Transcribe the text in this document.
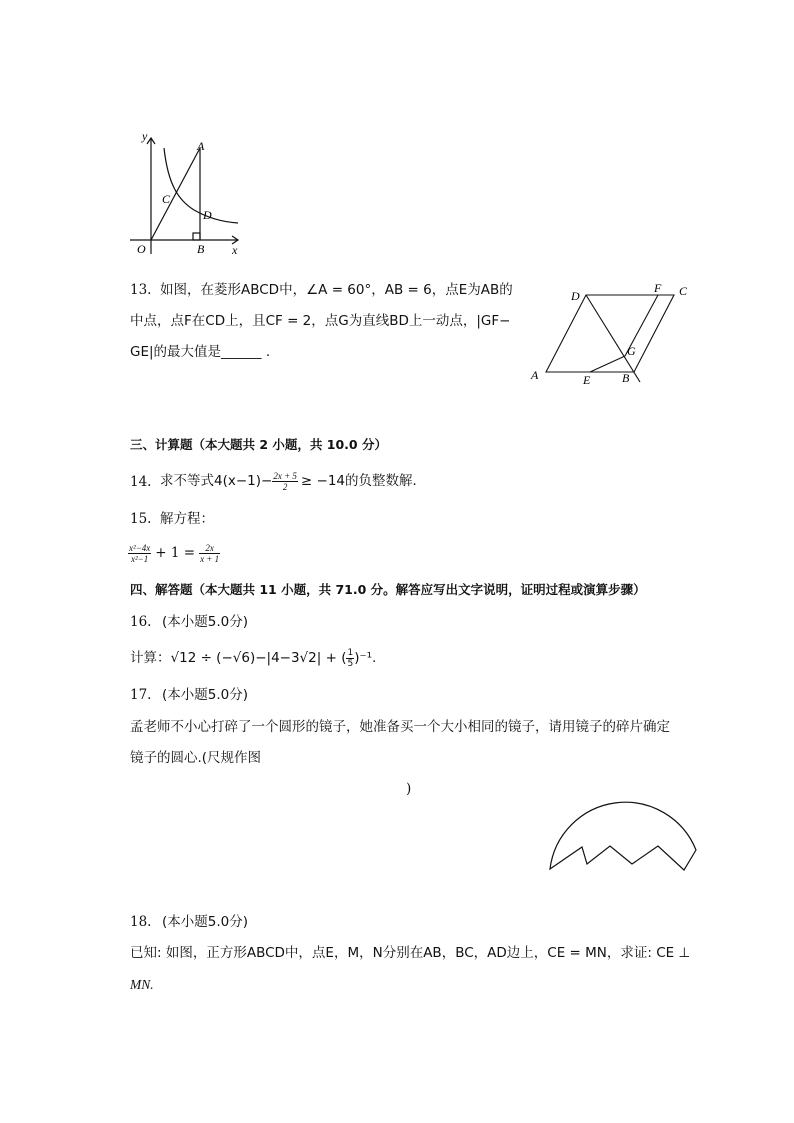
y
x
A
C
D
O	B
13. 如图，在菱形ABCD中，∠A = 60°，AB = 6，点E为AB的
中点，点F在CD上，且CF = 2，点G为直线BD上一动点，|GF−
GE|的最大值是______ .
D
F C
G
A	E	B
三、计算题（本大题共 2 小题，共 10.0 分）
14. 求不等式$4(x-1)- \frac{2x + 5}{2} \ge -14$的负整数解．
15. 解方程：
$\frac{\text{x²−4x}}{\text{x²−1}} + 1 = \frac{2x}{x + 1}$
四、解答题（本大题共 11 小题，共 71.0 分。解答应写出文字说明，证明过程或演算步骤）
16. (本小题5.0分)
计算： √12 ÷ (−√6)−|4−3√2| + ( $\frac{1}{5} )^{-1}$.
17. (本小题5.0分)
孟老师不小心打碎了一个圆形的镜子，她准备买一个大小相同的镜子，请用镜子的碎片确定
镜子的圆心.(尺规作图
)
18. (本小题5.0分)
已知: 如图，正方形ABCD中，点E，M，N分别在AB，BC，AD边上，CE = MN，求证: CE ⊥
MN.
